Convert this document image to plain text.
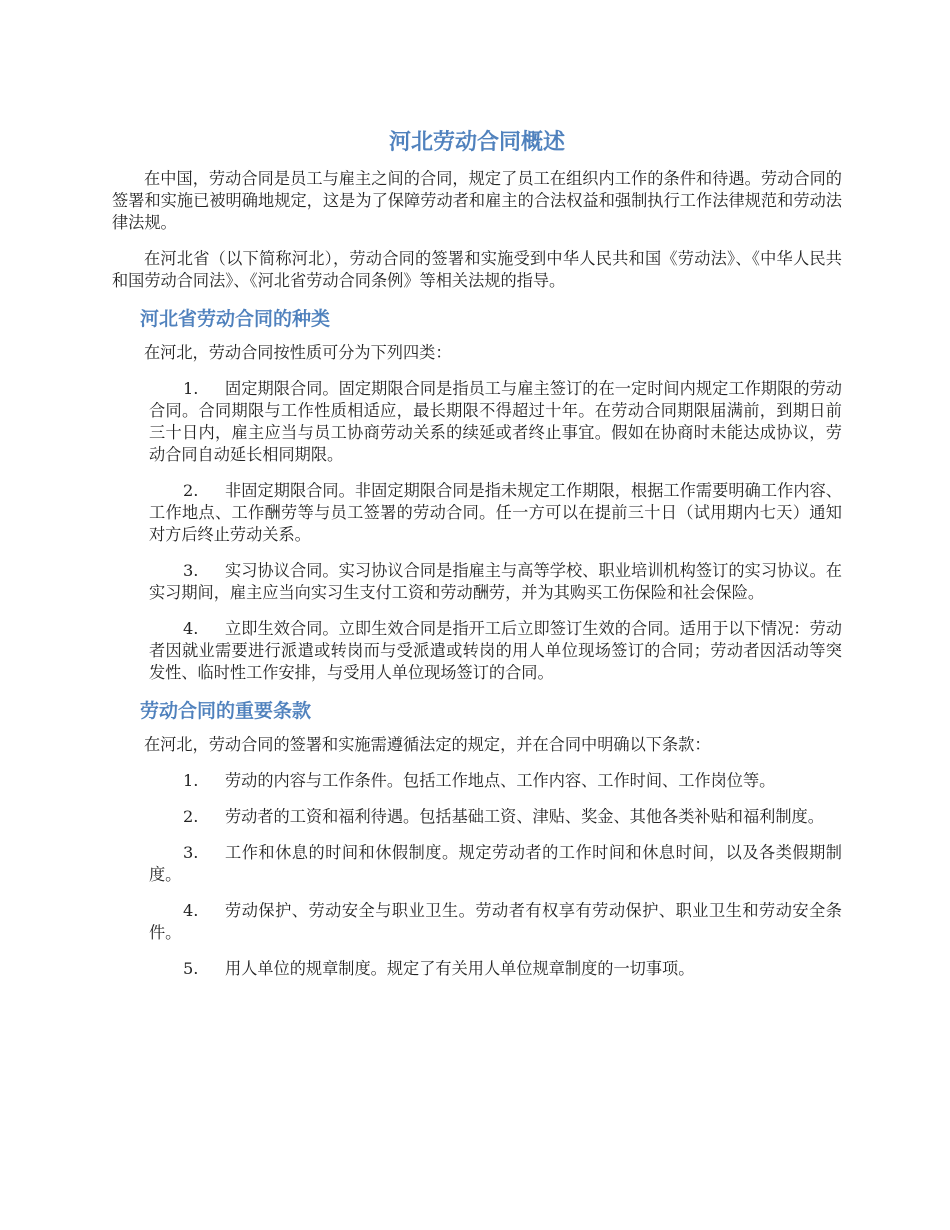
河北劳动合同概述

在中国，劳动合同是员工与雇主之间的合同，规定了员工在组织内工作的条件和待遇。劳动合同的签署和实施已被明确地规定，这是为了保障劳动者和雇主的合法权益和强制执行工作法律规范和劳动法律法规。

在河北省（以下简称河北），劳动合同的签署和实施受到中华人民共和国《劳动法》、《中华人民共和国劳动合同法》、《河北省劳动合同条例》等相关法规的指导。

河北省劳动合同的种类

在河北，劳动合同按性质可分为下列四类：

1. 固定期限合同。固定期限合同是指员工与雇主签订的在一定时间内规定工作期限的劳动合同。合同期限与工作性质相适应，最长期限不得超过十年。在劳动合同期限届满前，到期日前三十日内，雇主应当与员工协商劳动关系的续延或者终止事宜。假如在协商时未能达成协议，劳动合同自动延长相同期限。
2. 非固定期限合同。非固定期限合同是指未规定工作期限，根据工作需要明确工作内容、工作地点、工作酬劳等与员工签署的劳动合同。任一方可以在提前三十日（试用期内七天）通知对方后终止劳动关系。
3. 实习协议合同。实习协议合同是指雇主与高等学校、职业培训机构签订的实习协议。在实习期间，雇主应当向实习生支付工资和劳动酬劳，并为其购买工伤保险和社会保险。
4. 立即生效合同。立即生效合同是指开工后立即签订生效的合同。适用于以下情况：劳动者因就业需要进行派遣或转岗而与受派遣或转岗的用人单位现场签订的合同；劳动者因活动等突发性、临时性工作安排，与受用人单位现场签订的合同。
劳动合同的重要条款

在河北，劳动合同的签署和实施需遵循法定的规定，并在合同中明确以下条款：

1. 劳动的内容与工作条件。包括工作地点、工作内容、工作时间、工作岗位等。
2. 劳动者的工资和福利待遇。包括基础工资、津贴、奖金、其他各类补贴和福利制度。
3. 工作和休息的时间和休假制度。规定劳动者的工作时间和休息时间，以及各类假期制度。
4. 劳动保护、劳动安全与职业卫生。劳动者有权享有劳动保护、职业卫生和劳动安全条件。
5. 用人单位的规章制度。规定了有关用人单位规章制度的一切事项。
